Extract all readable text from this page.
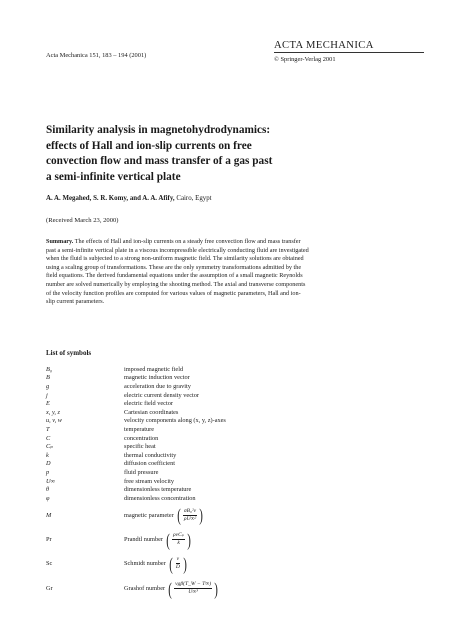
Acta Mechanica 151, 183 – 194 (2001)
ACTA MECHANICA
© Springer-Verlag 2001
Similarity analysis in magnetohydrodynamics:
effects of Hall and ion-slip currents on free
convection flow and mass transfer of a gas past
a semi-infinite vertical plate
A. A. Megahed, S. R. Komy, and A. A. Afify, Cairo, Egypt
(Received March 23, 2000)

Summary. The effects of Hall and ion-slip currents on a steady free convection flow and mass transfer
past a semi-infinite vertical plate in a viscous incompressible electrically conducting fluid are investigated
when the fluid is subjected to a strong non-uniform magnetic field. The similarity solutions are obtained
using a scaling group of transformations. These are the only symmetry transformations admitted by the
field equations. The derived fundamental equations under the assumption of a small magnetic Reynolds
number are solved numerically by employing the shooting method. The axial and transverse components
of the velocity function profiles are computed for various values of magnetic parameters, Hall and ion-
slip current parameters.

List of symbols
B₀	imposed magnetic field
B⃗	magnetic induction vector
g⃗	acceleration due to gravity
j⃗	electric current density vector
E⃗	electric field vector
x, y, z	Cartesian coordinates
u, v, w	velocity components along (x, y, z)-axes
T	temperature
C	concentration
Cₚ	specific heat
k	thermal conductivity
D	diffusion coefficient
p	fluid pressure
U∞	free stream velocity
θ	dimensionless temperature
φ	dimensionless concentration
M	magnetic parameter ( $\frac{\text{σB₀²ν}}{\text{ρU∞²}}$ )
Pr	Prandtl number ( $\frac{\text{ρνCₚ}}{k}$ )
Sc	Schmidt number ( $\frac{\nu}{D}$ )
Gr	Grashof number ( $\frac{\text{νgβ(T\_W − T∞)}}{\text{U∞³}}$ )
